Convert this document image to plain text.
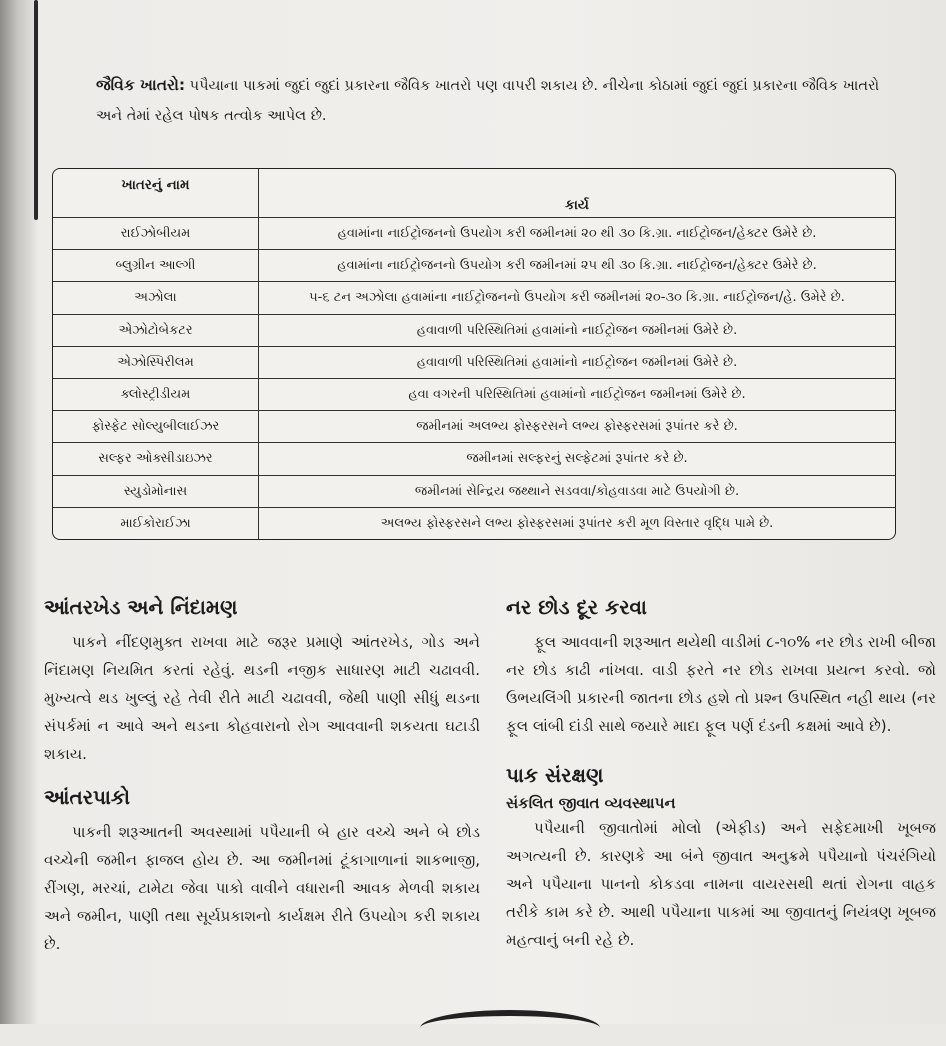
જૈવિક ખાતરો: પપૈયાના પાકમાં જુદાં જુદાં પ્રકારના જૈવિક ખાતરો પણ વાપરી શકાય છે. નીચેના કોઠામાં જુદાં જુદાં પ્રકારના જૈવિક ખાતરો અને તેમાં રહેલ પોષક તત્વોક આપેલ છે.
ખાતરનું નામ	કાર્ય
રાઈઝોબીયમ	હવામાંના નાઈટ્રોજનનો ઉપયોગ કરી જમીનમાં ૨૦ થી ૩૦ કિ.ગ્રા. નાઈટ્રોજન/હેક્ટર ઉમેરે છે.
બ્લુગ્રીન આલ્ગી	હવામાંના નાઈટ્રોજનનો ઉપયોગ કરી જમીનમાં ૨૫ થી ૩૦ કિ.ગ્રા. નાઈટ્રોજન/હેક્ટર ઉમેરે છે.
અઝોલા	૫-૬ ટન અઝોલા હવામાંના નાઈટ્રોજનનો ઉપયોગ કરી જમીનમાં ૨૦-૩૦ કિ.ગ્રા. નાઈટ્રોજન/હે. ઉમેરે છે.
એઝોટોબેકટર	હવાવાળી પરિસ્થિતિમાં હવામાંનો નાઈટ્રોજન જમીનમાં ઉમેરે છે.
એઝોસ્પિરીલમ	હવાવાળી પરિસ્થિતિમાં હવામાંનો નાઈટ્રોજન જમીનમાં ઉમેરે છે.
ક્લોસ્ટ્રીડીયમ	હવા વગરની પરિસ્થિતિમાં હવામાંનો નાઈટ્રોજન જમીનમાં ઉમેરે છે.
ફોસ્ફેટ સોલ્યુબીલાઈઝર	જમીનમાં અલભ્ય ફોસ્ફરસને લભ્ય ફોસ્ફરસમાં રૂપાંતર કરે છે.
સલ્ફર ઓક્સીડાઇઝર	જમીનમાં સલ્ફરનું સલ્ફેટમાં રૂપાંતર કરે છે.
સ્યુડોમોનાસ	જમીનમાં સેન્દ્રિય જથ્થાને સડવવા/કોહવાડવા માટે ઉપયોગી છે.
માઈકોરાઈઝા	અલભ્ય ફોસ્ફરસને લભ્ય ફોસ્ફરસમાં રૂપાંતર કરી મૂળ વિસ્તાર વૃદ્ધિ પામે છે.
આંતરખેડ અને નિંદામણ

પાકને નીંદણમુક્ત રાખવા માટે જરૂર પ્રમાણે આંતરખેડ, ગોડ અને નિંદામણ નિયમિત કરતાં રહેવું. થડની નજીક સાધારણ માટી ચઢાવવી. મુખ્યત્વે થડ ખુલ્લું રહે તેવી રીતે માટી ચઢાવવી, જેથી પાણી સીધું થડના સંપર્કમાં ન આવે અને થડના કોહવારાનો રોગ આવવાની શકયતા ઘટાડી શકાય.

આંતરપાકો

પાકની શરૂઆતની અવસ્થામાં પપૈયાની બે હાર વચ્ચે અને બે છોડ વચ્ચેની જમીન ફાજલ હોય છે. આ જમીનમાં ટૂંકાગાળાનાં શાકભાજી, રીંગણ, મરચાં, ટામેટા જેવા પાકો વાવીને વધારાની આવક મેળવી શકાય અને જમીન, પાણી તથા સૂર્યપ્રકાશનો કાર્યક્ષમ રીતે ઉપયોગ કરી શકાય છે.

નર છોડ દૂર કરવા

ફૂલ આવવાની શરૂઆત થયેથી વાડીમાં ૮-૧૦% નર છોડ રાખી બીજા નર છોડ કાઢી નાંખવા. વાડી ફરતે નર છોડ રાખવા પ્રયત્ન કરવો. જો ઉભયલિંગી પ્રકારની જાતના છોડ હશે તો પ્રશ્ન ઉપસ્થિત નહી થાય (નર ફૂલ લાંબી દાંડી સાથે જયારે માદા ફૂલ પર્ણ દંડની કક્ષમાં આવે છે).

પાક સંરક્ષણ
સંકલિત જીવાત વ્યવસ્થાપન

પપૈયાની જીવાતોમાં મોલો (એફીડ) અને સફેદમાખી ખૂબજ અગત્યની છે. કારણકે આ બંને જીવાત અનુક્રમે પપૈયાનો પંચરંગિયો અને પપૈયાના પાનનો કોકડવા નામના વાયરસથી થતાં રોગના વાહક તરીકે કામ કરે છે. આથી પપૈયાના પાકમાં આ જીવાતનું નિયંત્રણ ખૂબજ મહત્વાનું બની રહે છે.
